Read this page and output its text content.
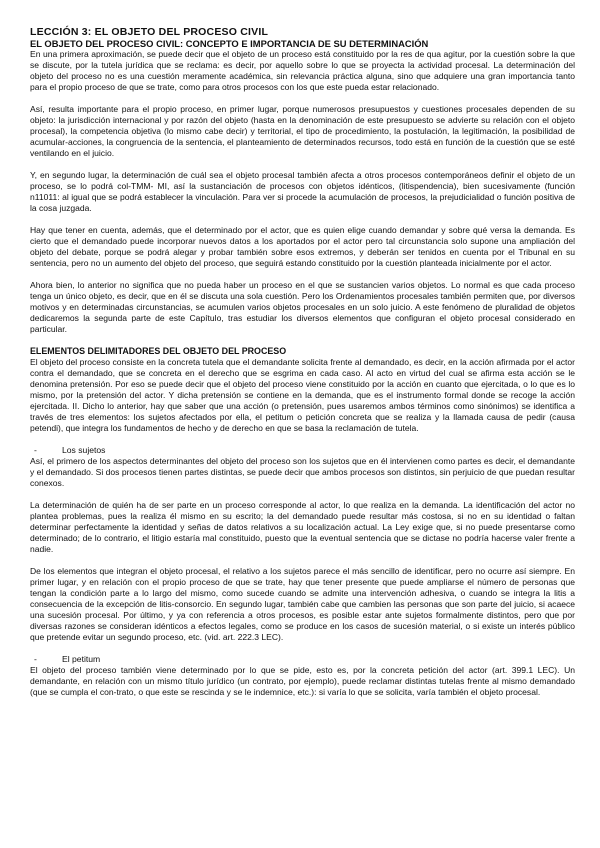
LECCIÓN 3: EL OBJETO DEL PROCESO CIVIL
EL OBJETO DEL PROCESO CIVIL: CONCEPTO E IMPORTANCIA DE SU DETERMINACIÓN

En una primera aproximación, se puede decir que el objeto de un proceso está constituido por la res de qua agitur, por la cuestión sobre la que se discute, por la tutela jurídica que se reclama: es decir, por aquello sobre lo que se proyecta la actividad procesal. La determinación del objeto del proceso no es una cuestión meramente académica, sin relevancia práctica alguna, sino que adquiere una gran importancia tanto para el propio proceso de que se trate, como para otros procesos con los que este pueda estar relacionado.

Así, resulta importante para el propio proceso, en primer lugar, porque numerosos presupuestos y cuestiones procesales dependen de su objeto: la jurisdicción internacional y por razón del objeto (hasta en la denominación de este presupuesto se advierte su relación con el objeto procesal), la competencia objetiva (lo mismo cabe decir) y territorial, el tipo de procedimiento, la postulación, la legitimación, la posibilidad de acumular-acciones, la congruencia de la sentencia, el planteamiento de determinados recursos, todo está en función de la cuestión que se esté ventilando en el juicio.

Y, en segundo lugar, la determinación de cuál sea el objeto procesal también afecta a otros procesos contemporáneos definir el objeto de un proceso, se lo podrá col-TMM- MI, así la sustanciación de procesos con objetos idénticos, (litispendencia), bien sucesivamente (función n11011: al igual que se podrá establecer la vinculación. Para ver si procede la acumulación de procesos, la prejudicialidad o función positiva de la cosa juzgada.

Hay que tener en cuenta, además, que el determinado por el actor, que es quien elige cuando demandar y sobre qué versa la demanda. Es cierto que el demandado puede incorporar nuevos datos a los aportados por el actor pero tal circunstancia solo supone una ampliación del objeto del debate, porque se podrá alegar y probar también sobre esos extremos, y deberán ser tenidos en cuenta por el Tribunal en su sentencia, pero no un aumento del objeto del proceso, que seguirá estando constituido por la cuestión planteada inicialmente por el actor.

Ahora bien, lo anterior no significa que no pueda haber un proceso en el que se sustancien varios objetos. Lo normal es que cada proceso tenga un único objeto, es decir, que en él se discuta una sola cuestión. Pero los Ordenamientos procesales también permiten que, por diversos motivos y en determinadas circunstancias, se acumulen varios objetos procesales en un solo juicio. A este fenómeno de pluralidad de objetos dedicaremos la segunda parte de este Capítulo, tras estudiar los diversos elementos que configuran el objeto procesal considerado en particular.

ELEMENTOS DELIMITADORES DEL OBJETO DEL PROCESO

El objeto del proceso consiste en la concreta tutela que el demandante solicita frente al demandado, es decir, en la acción afirmada por el actor contra el demandado, que se concreta en el derecho que se esgrima en cada caso. Al acto en virtud del cual se afirma esta acción se le denomina pretensión. Por eso se puede decir que el objeto del proceso viene constituido por la acción en cuanto que ejercitada, o lo que es lo mismo, por la pretensión del actor. Y dicha pretensión se contiene en la demanda, que es el instrumento formal donde se recoge la acción ejercitada. II. Dicho lo anterior, hay que saber que una acción (o pretensión, pues usaremos ambos términos como sinónimos) se identifica a través de tres elementos: los sujetos afectados por ella, el petitum o petición concreta que se realiza y la llamada causa de pedir (causa petendi), que integra los fundamentos de hecho y de derecho en que se basa la reclamación de tutela.

-	Los sujetos

Así, el primero de los aspectos determinantes del objeto del proceso son los sujetos que en él intervienen como partes es decir, el demandante y el demandado. Si dos procesos tienen partes distintas, se puede decir que ambos procesos son distintos, sin perjuicio de que puedan resultar conexos.

La determinación de quién ha de ser parte en un proceso corresponde al actor, lo que realiza en la demanda. La identificación del actor no plantea problemas, pues la realiza él mismo en su escrito; la del demandado puede resultar más costosa, si no en su identidad o faltan determinar perfectamente la identidad y señas de datos relativos a su localización actual. La Ley exige que, si no puede presentarse como determinado; de lo contrario, el litigio estaría mal constituido, puesto que la eventual sentencia que se dictase no podría hacerse valer frente a nadie.

De los elementos que integran el objeto procesal, el relativo a los sujetos parece el más sencillo de identificar, pero no ocurre así siempre. En primer lugar, y en relación con el propio proceso de que se trate, hay que tener presente que puede ampliarse el número de personas que tengan la condición parte a lo largo del mismo, como sucede cuando se admite una intervención adhesiva, o cuando se integra la litis a consecuencia de la excepción de litis-consorcio. En segundo lugar, también cabe que cambien las personas que son parte del juicio, si acaece una sucesión procesal. Por último, y ya con referencia a otros procesos, es posible estar ante sujetos formalmente distintos, pero que por diversas razones se consideran idénticos a efectos legales, como se produce en los casos de sucesión material, o si existe un interés público que pretende evitar un segundo proceso, etc. (vid. art. 222.3 LEC).

-	El petitum

El objeto del proceso también viene determinado por lo que se pide, esto es, por la concreta petición del actor (art. 399.1 LEC). Un demandante, en relación con un mismo título jurídico (un contrato, por ejemplo), puede reclamar distintas tutelas frente al mismo demandado (que se cumpla el con-trato, o que este se rescinda y se le indemnice, etc.): si varía lo que se solicita, varía también el objeto procesal.
